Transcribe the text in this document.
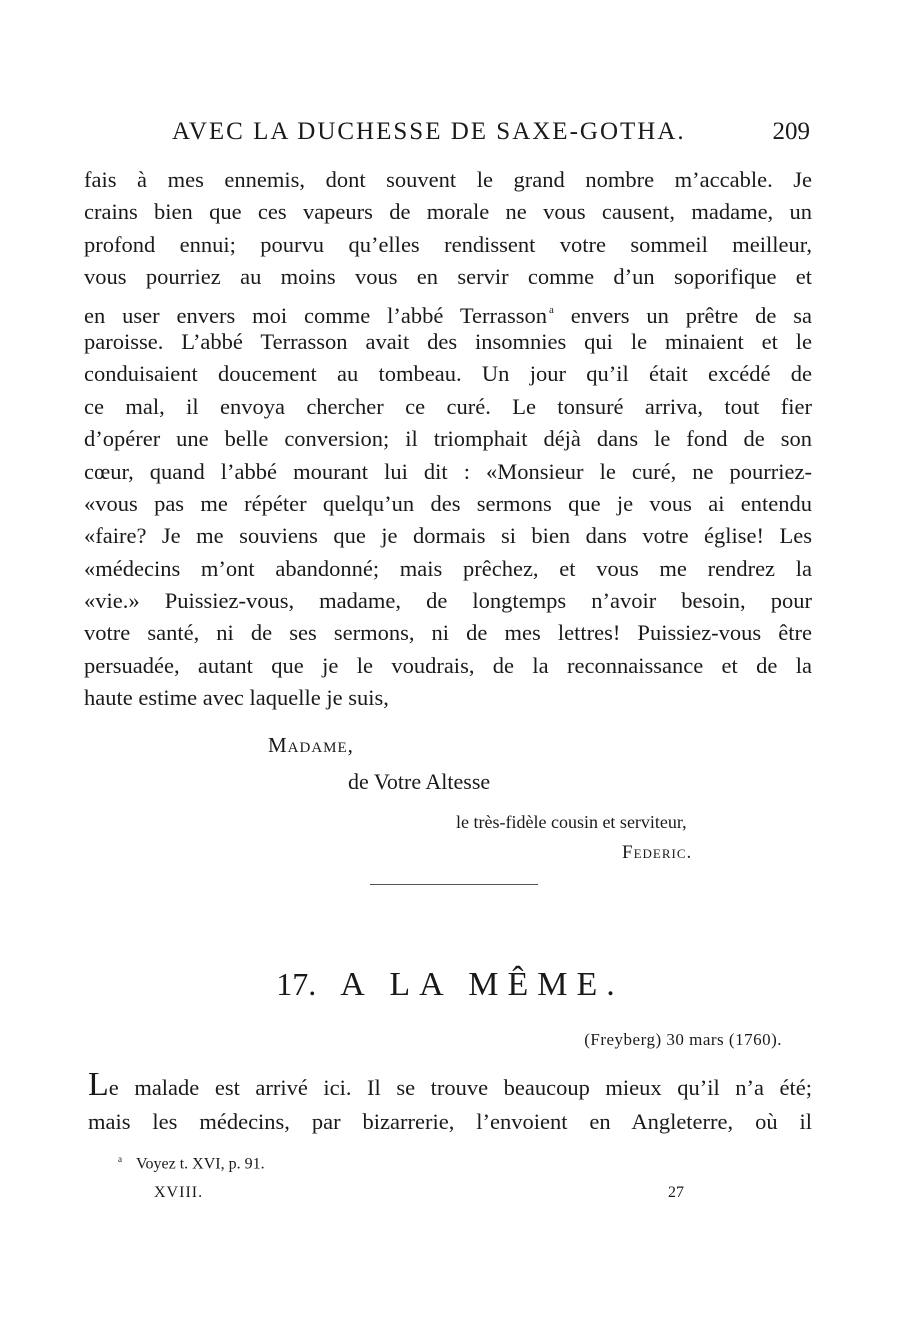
AVEC LA DUCHESSE DE SAXE-GOTHA.	209
fais à mes ennemis, dont souvent le grand nombre m’accable. Je
crains bien que ces vapeurs de morale ne vous causent, madame, un
profond ennui; pourvu qu’elles rendissent votre sommeil meilleur,
vous pourriez au moins vous en servir comme d’un soporifique et
en user envers moi comme l’abbé Terrasson $^a$ envers un prêtre de sa
paroisse. L’abbé Terrasson avait des insomnies qui le minaient et le
conduisaient doucement au tombeau. Un jour qu’il était excédé de
ce mal, il envoya chercher ce curé. Le tonsuré arriva, tout fier
d’opérer une belle conversion; il triomphait déjà dans le fond de son
cœur, quand l’abbé mourant lui dit : «Monsieur le curé, ne pourriez-
«vous pas me répéter quelqu’un des sermons que je vous ai entendu
«faire? Je me souviens que je dormais si bien dans votre église! Les
«médecins m’ont abandonné; mais prêchez, et vous me rendrez la
«vie.» Puissiez-vous, madame, de longtemps n’avoir besoin, pour
votre santé, ni de ses sermons, ni de mes lettres! Puissiez-vous être
persuadée, autant que je le voudrais, de la reconnaissance et de la
haute estime avec laquelle je suis,
Madame,
de Votre Altesse
le très-fidèle cousin et serviteur,
Federic.
17. A LA MÊME.
(Freyberg) 30 mars (1760).
Le malade est arrivé ici. Il se trouve beaucoup mieux qu’il n’a été;
mais les médecins, par bizarrerie, l’envoient en Angleterre, où il
$^a$ Voyez t. XVI, p. 91.
XVIII.	27
